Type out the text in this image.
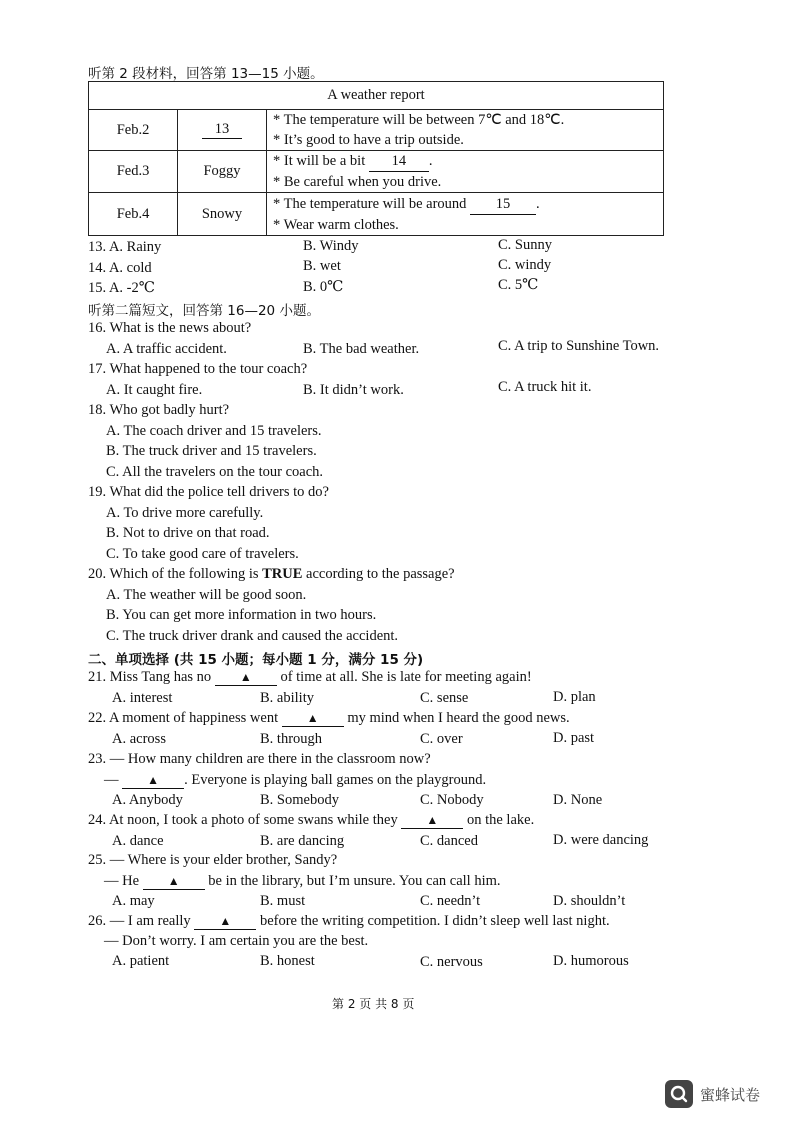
听第 2 段材料，回答第 13—15 小题。
A weather report		
Feb.2	13	* The temperature will be between 7℃ and 18℃.
* It’s good to have a trip outside.

Fed.3	Foggy	* It will be a bit 14 .
* Be careful when you drive.

Feb.4	Snowy	* The temperature will be around 15 .
* Wear warm clothes.
13. A. Rainy	B. Windy	C. Sunny
14. A. cold	B. wet	C. windy
15. A. -2℃	B. 0℃	C. 5℃
听第二篇短文，回答第 16—20 小题。
16. What is the news about?
A. A traffic accident.	B. The bad weather.	C. A trip to Sunshine Town.
17. What happened to the tour coach?
A. It caught fire.	B. It didn’t work.	C. A truck hit it.
18. Who got badly hurt?
A. The coach driver and 15 travelers.
B. The truck driver and 15 travelers.
C. All the travelers on the tour coach.
19. What did the police tell drivers to do?
A. To drive more carefully.
B. Not to drive on that road.
C. To take good care of travelers.
20. Which of the following is TRUE according to the passage?
A. The weather will be good soon.
B. You can get more information in two hours.
C. The truck driver drank and caused the accident.
二、单项选择 (共 15 小题；每小题 1 分，满分 15 分)
21. Miss Tang has no ▲ of time at all. She is late for meeting again!
A. interest	B. ability	C. sense	D. plan
22. A moment of happiness went ▲ my mind when I heard the good news.
A. across	B. through	C. over	D. past
23. — How many children are there in the classroom now?
— ▲ . Everyone is playing ball games on the playground.
A. Anybody	B. Somebody	C. Nobody	D. None
24. At noon, I took a photo of some swans while they ▲ on the lake.
A. dance	B. are dancing	C. danced	D. were dancing
25. — Where is your elder brother, Sandy?
— He ▲ be in the library, but I’m unsure. You can call him.
A. may	B. must	C. needn’t	D. shouldn’t
26. — I am really ▲ before the writing competition. I didn’t sleep well last night.
— Don’t worry. I am certain you are the best.
A. patient	B. honest	C. nervous	D. humorous
第 2 页 共 8 页
蜜蜂试卷
